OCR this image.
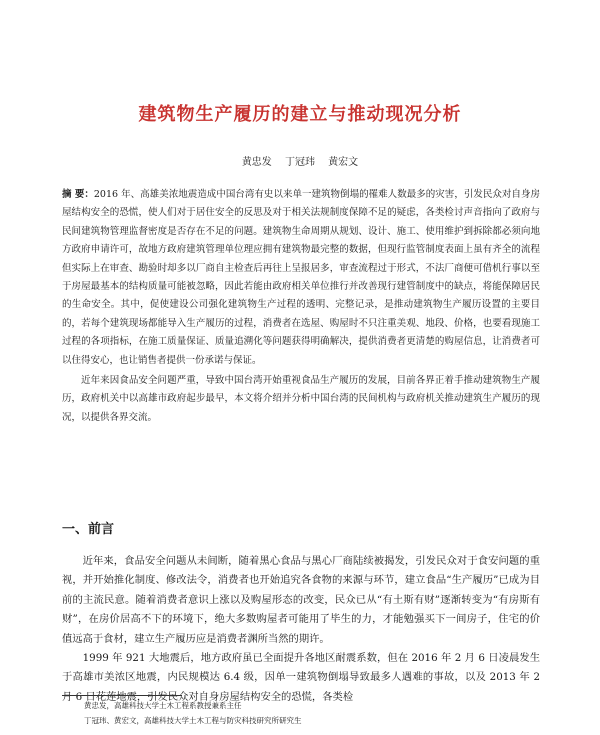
建筑物生产履历的建立与推动现况分析
黄忠发 丁冠玮 黄宏文

摘 要：2016 年、高雄美浓地震造成中国台湾有史以来单一建筑物倒塌的罹难人数最多的灾害，引发民众对自身房屋结构安全的恐慌，使人们对于居住安全的反思及对于相关法规制度保障不足的疑虑，各类检讨声音指向了政府与民间建筑物管理监督密度是否存在不足的问题。建筑物生命周期从规划、设计、施工、使用维护到拆除都必须向地方政府申请许可，故地方政府建筑管理单位理应拥有建筑物最完整的数据，但现行监管制度表面上虽有齐全的流程但实际上在审查、勘验时却多以厂商自主检查后再往上呈报居多，审查流程过于形式，不法厂商便可借机行事以至于房屋最基本的结构质量可能被忽略，因此若能由政府相关单位推行并改善现行建管制度中的缺点，将能保障居民的生命安全。其中，促使建设公司强化建筑物生产过程的透明、完整记录，是推动建筑物生产履历设置的主要目的，若每个建筑现场都能导入生产履历的过程，消费者在选屋、购屋时不只注重美观、地段、价格，也要看现施工过程的各项指标，在施工质量保证、质量追溯化等问题获得明确解决，提供消费者更清楚的购屋信息，让消费者可以住得安心，也让销售者提供一份承诺与保证。

近年来因食品安全问题严重，导致中国台湾开始重视食品生产履历的发展，目前各界正着手推动建筑物生产履历，政府机关中以高雄市政府起步最早，本文将介绍并分析中国台湾的民间机构与政府机关推动建筑生产履历的现况，以提供各界交流。

一、前言

近年来，食品安全问题从未间断，随着黑心食品与黑心厂商陆续被揭发，引发民众对于食安问题的重视，并开始推化制度、修改法令，消费者也开始追究各食物的来源与环节，建立食品“生产履历”已成为目前的主流民意。随着消费者意识上涨以及购屋形态的改变，民众已从“有土斯有财”逐渐转变为“有房斯有财”，在房价居高不下的环境下，绝大多数购屋者可能用了毕生的力，才能勉强买下一间房子，住宅的价值远高于食材，建立生产履历应是消费者渊所当然的期许。

1999 年 921 大地震后，地方政府虽已全面提升各地区耐震系数，但在 2016 年 2 月 6 日凌晨发生于高雄市美浓区地震，内民规模达 6.4 级，因单一建筑物倒塌导致最多人遇难的事故，以及 2013 年 2 月 6 日花莲地震，引发民众对自身房屋结构安全的恐慌，各类检

黄忠发，高雄科技大学土木工程系教授兼系主任

丁冠玮、黄宏文，高雄科技大学土木工程与防灾科技研究所研究生
